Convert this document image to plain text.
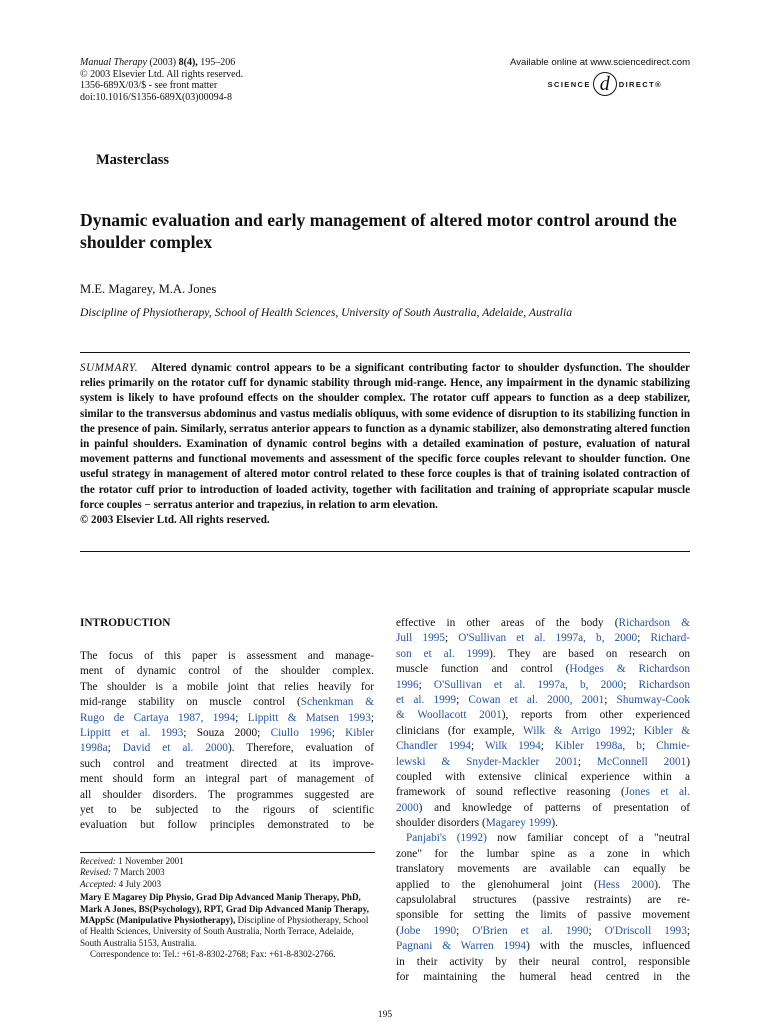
Manual Therapy (2003) 8(4), 195–206
© 2003 Elsevier Ltd. All rights reserved.
1356-689X/03/$ - see front matter
doi:10.1016/S1356-689X(03)00094-8
Available online at www.sciencedirect.com
SCIENCE d	DIRECT®
Masterclass
Dynamic evaluation and early management of altered motor control around the shoulder complex
M.E. Magarey, M.A. Jones
Discipline of Physiotherapy, School of Health Sciences, University of South Australia, Adelaide, Australia
SUMMARY. Altered dynamic control appears to be a significant contributing factor to shoulder dysfunction. The shoulder relies primarily on the rotator cuff for dynamic stability through mid-range. Hence, any impairment in the dynamic stabilizing system is likely to have profound effects on the shoulder complex. The rotator cuff appears to function as a deep stabilizer, similar to the transversus abdominus and vastus medialis obliquus, with some evidence of disruption to its stabilizing function in the presence of pain. Similarly, serratus anterior appears to function as a dynamic stabilizer, also demonstrating altered function in painful shoulders. Examination of dynamic control begins with a detailed examination of posture, evaluation of natural movement patterns and functional movements and assessment of the specific force couples relevant to shoulder function. One useful strategy in management of altered motor control related to these force couples is that of training isolated contraction of the rotator cuff prior to introduction of loaded activity, together with facilitation and training of appropriate scapular muscle force couples − serratus anterior and trapezius, in relation to arm elevation.
© 2003 Elsevier Ltd. All rights reserved.
INTRODUCTION
The focus of this paper is assessment and manage-
ment of dynamic control of the shoulder complex.
The shoulder is a mobile joint that relies heavily for
mid-range stability on muscle control (Schenkman &
Rugo de Cartaya 1987, 1994; Lippitt & Matsen 1993;
Lippitt et al. 1993; Souza 2000; Ciullo 1996; Kibler
1998a; David et al. 2000). Therefore, evaluation of
such control and treatment directed at its improve-
ment should form an integral part of management of
all shoulder disorders. The programmes suggested are
yet to be subjected to the rigours of scientific
evaluation but follow principles demonstrated to be
Received: 1 November 2001
Revised: 7 March 2003
Accepted: 4 July 2003
Mary E Magarey Dip Physio, Grad Dip Advanced Manip Therapy, PhD, Mark A Jones, BS(Psychology), RPT, Grad Dip Advanced Manip Therapy, MAppSc (Manipulative Physiotherapy), Discipline of Physiotherapy, School of Health Sciences, University of South Australia, North Terrace, Adelaide, South Australia 5153, Australia.
Correspondence to: Tel.: +61-8-8302-2768; Fax: +61-8-8302-2766.
effective in other areas of the body (Richardson &
Jull 1995; O'Sullivan et al. 1997a, b, 2000; Richard-
son et al. 1999). They are based on research on
muscle function and control (Hodges & Richardson
1996; O'Sullivan et al. 1997a, b, 2000; Richardson
et al. 1999; Cowan et al. 2000, 2001; Shumway-Cook
& Woollacott 2001), reports from other experienced
clinicians (for example, Wilk & Arrigo 1992; Kibler &
Chandler 1994; Wilk 1994; Kibler 1998a, b; Chmie-
lewski & Snyder-Mackler 2001; McConnell 2001)
coupled with extensive clinical experience within a
framework of sound reflective reasoning (Jones et al.
2000) and knowledge of patterns of presentation of
shoulder disorders (Magarey 1999).
Panjabi's (1992) now familiar concept of a "neutral
zone" for the lumbar spine as a zone in which
translatory movements are available can equally be
applied to the glenohumeral joint (Hess 2000). The
capsulolabral structures (passive restraints) are re-
sponsible for setting the limits of passive movement
(Jobe 1990; O'Brien et al. 1990; O'Driscoll 1993;
Pagnani & Warren 1994) with the muscles, influenced
in their activity by their neural control, responsible
for maintaining the humeral head centred in the
195
